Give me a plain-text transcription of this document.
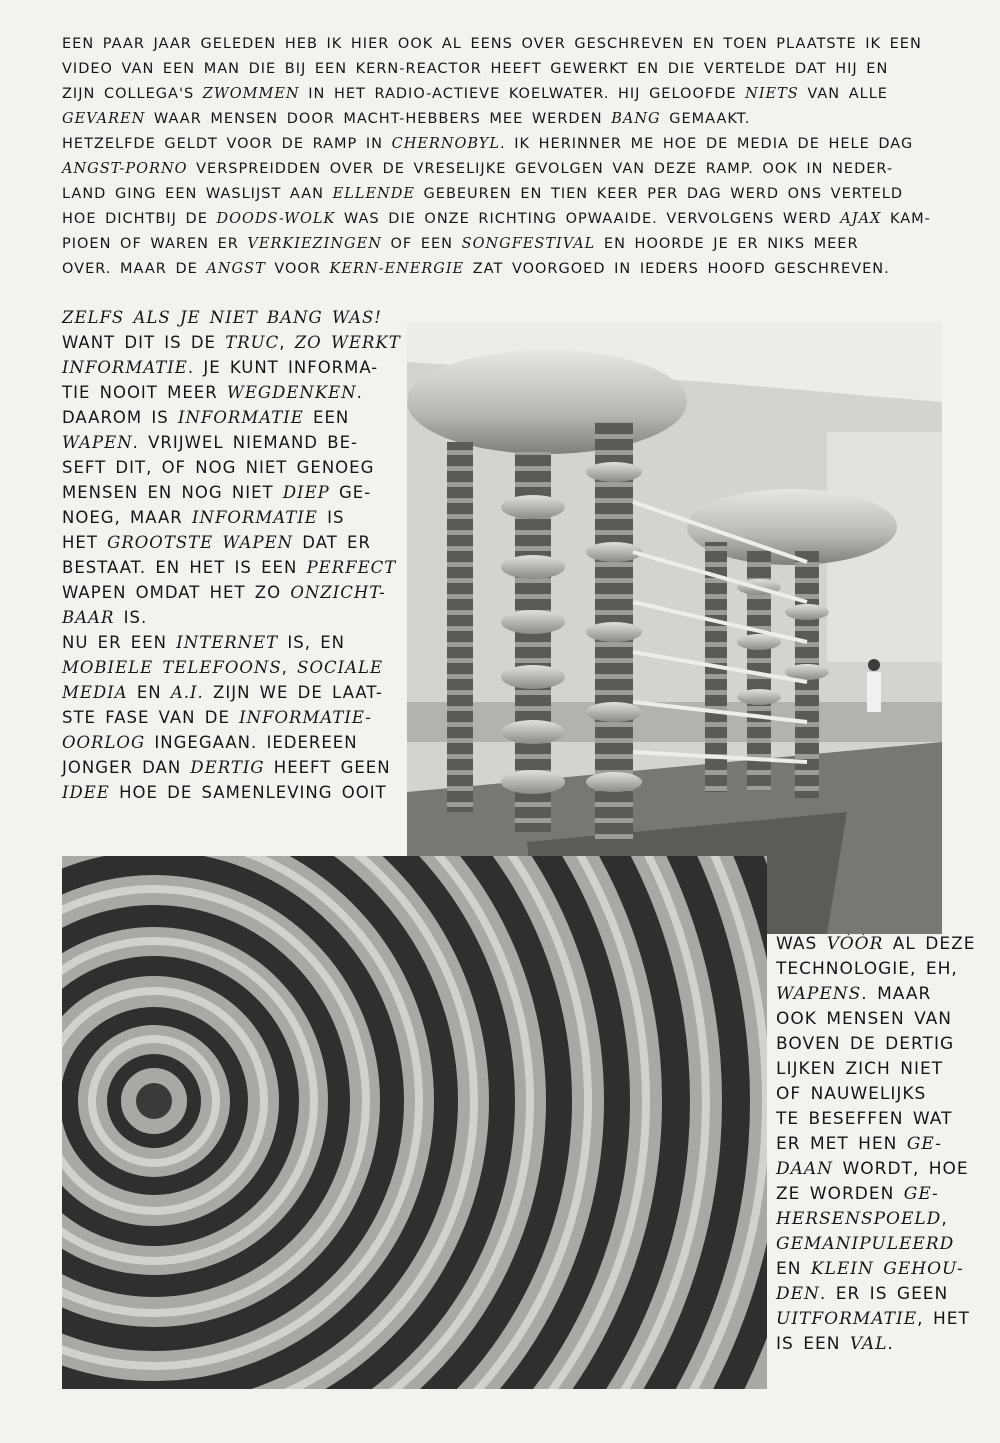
EEN PAAR JAAR GELEDEN HEB IK HIER OOK AL EENS OVER GESCHREVEN EN TOEN PLAATSTE IK EEN
VIDEO VAN EEN MAN DIE BIJ EEN KERN-REACTOR HEEFT GEWERKT EN DIE VERTELDE DAT HIJ EN
ZIJN COLLEGA'S ZWOMMEN IN HET RADIO-ACTIEVE KOELWATER. HIJ GELOOFDE NIETS VAN ALLE
GEVAREN WAAR MENSEN DOOR MACHT-HEBBERS MEE WERDEN BANG GEMAAKT.
HETZELFDE GELDT VOOR DE RAMP IN CHERNOBYL. IK HERINNER ME HOE DE MEDIA DE HELE DAG
ANGST-PORNO VERSPREIDDEN OVER DE VRESELIJKE GEVOLGEN VAN DEZE RAMP. OOK IN NEDER-
LAND GING EEN WASLIJST AAN ELLENDE GEBEUREN EN TIEN KEER PER DAG WERD ONS VERTELD
HOE DICHTBIJ DE DOODS-WOLK WAS DIE ONZE RICHTING OPWAAIDE. VERVOLGENS WERD AJAX KAM-
PIOEN OF WAREN ER VERKIEZINGEN OF EEN SONGFESTIVAL EN HOORDE JE ER NIKS MEER
OVER. MAAR DE ANGST VOOR KERN-ENERGIE ZAT VOORGOED IN IEDERS HOOFD GESCHREVEN.
ZELFS ALS JE NIET BANG WAS!
WANT DIT IS DE TRUC, ZO WERKT
INFORMATIE. JE KUNT INFORMA-
TIE NOOIT MEER WEGDENKEN.
DAAROM IS INFORMATIE EEN
WAPEN. VRIJWEL NIEMAND BE-
SEFT DIT, OF NOG NIET GENOEG
MENSEN EN NOG NIET DIEP GE-
NOEG, MAAR INFORMATIE IS
HET GROOTSTE WAPEN DAT ER
BESTAAT. EN HET IS EEN PERFECT
WAPEN OMDAT HET ZO ONZICHT-
BAAR IS.
NU ER EEN INTERNET IS, EN
MOBIELE TELEFOONS, SOCIALE
MEDIA EN A.I. ZIJN WE DE LAAT-
STE FASE VAN DE INFORMATIE-
OORLOG INGEGAAN. IEDEREEN
JONGER DAN DERTIG HEEFT GEEN
IDEE HOE DE SAMENLEVING OOIT
WAS VÓÓR AL DEZE
TECHNOLOGIE, EH,
WAPENS. MAAR
OOK MENSEN VAN
BOVEN DE DERTIG
LIJKEN ZICH NIET
OF NAUWELIJKS
TE BESEFFEN WAT
ER MET HEN GE-
DAAN WORDT, HOE
ZE WORDEN GE-
HERSENSPOELD,
GEMANIPULEERD
EN KLEIN GEHOU-
DEN. ER IS GEEN
UITFORMATIE, HET
IS EEN VAL.
